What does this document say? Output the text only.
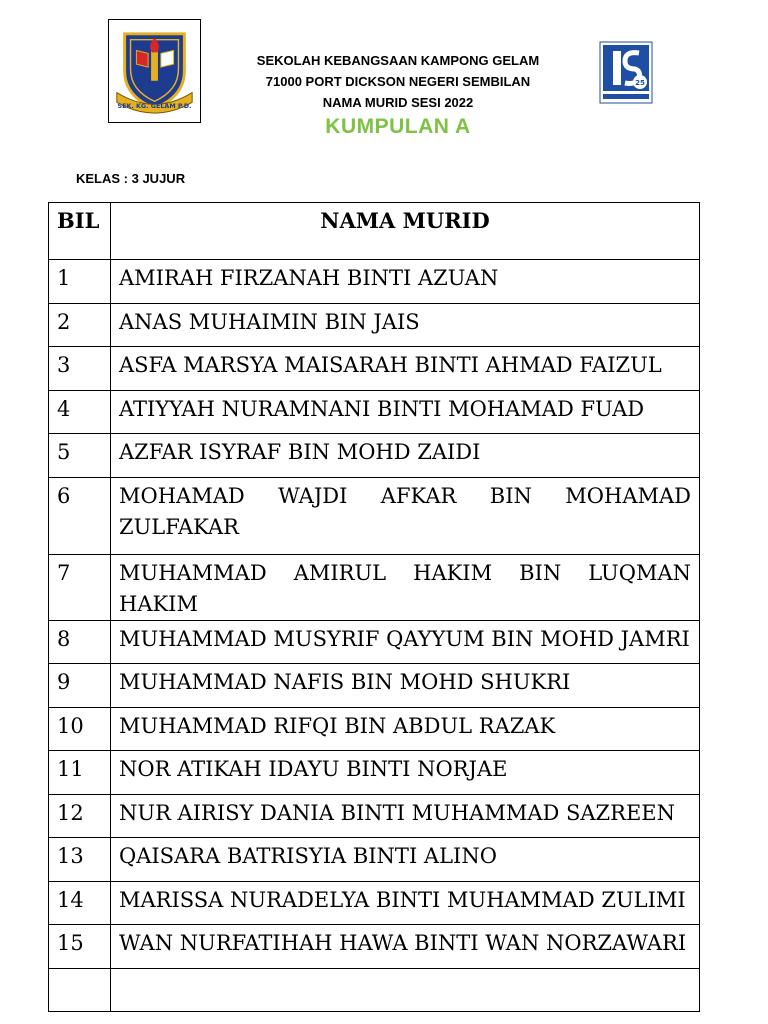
SEK. KG. GELAM P.D.
25
SEKOLAH KEBANGSAAN KAMPONG GELAM
71000 PORT DICKSON NEGERI SEMBILAN
NAMA MURID SESI 2022
KUMPULAN A
KELAS : 3 JUJUR
BIL	NAMA MURID
1	AMIRAH FIRZANAH BINTI AZUAN
2	ANAS MUHAIMIN BIN JAIS
3	ASFA MARSYA MAISARAH BINTI AHMAD FAIZUL
4	ATIYYAH NURAMNANI BINTI MOHAMAD FUAD
5	AZFAR ISYRAF BIN MOHD ZAIDI
6	MOHAMAD WAJDI AFKAR BIN MOHAMAD ZULFAKAR
7	MUHAMMAD AMIRUL HAKIM BIN LUQMAN HAKIM
8	MUHAMMAD MUSYRIF QAYYUM BIN MOHD JAMRI
9	MUHAMMAD NAFIS BIN MOHD SHUKRI
10	MUHAMMAD RIFQI BIN ABDUL RAZAK
11	NOR ATIKAH IDAYU BINTI NORJAE
12	NUR AIRISY DANIA BINTI MUHAMMAD SAZREEN
13	QAISARA BATRISYIA BINTI ALINO
14	MARISSA NURADELYA BINTI MUHAMMAD ZULIMI
15	WAN NURFATIHAH HAWA BINTI WAN NORZAWARI
